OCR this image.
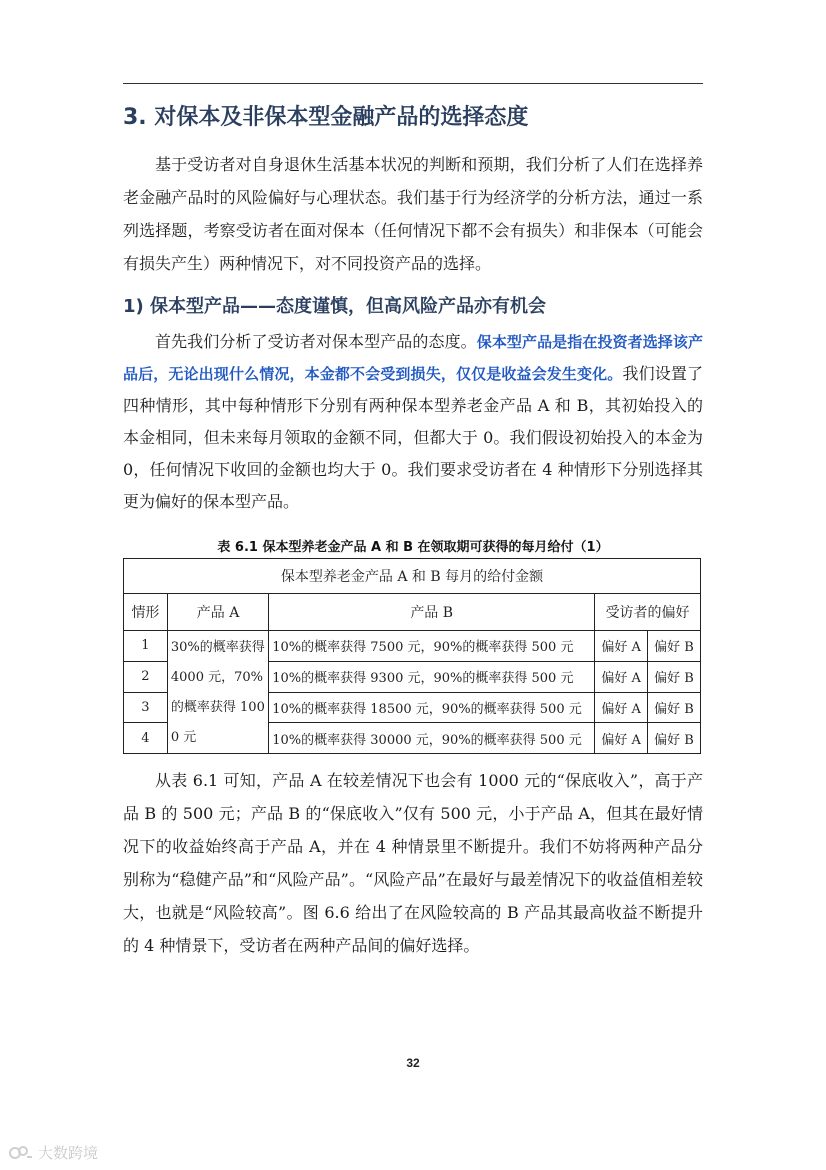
3. 对保本及非保本型金融产品的选择态度

基于受访者对自身退休生活基本状况的判断和预期，我们分析了人们在选择养老金融产品时的风险偏好与心理状态。我们基于行为经济学的分析方法，通过一系列选择题，考察受访者在面对保本（任何情况下都不会有损失）和非保本（可能会有损失产生）两种情况下，对不同投资产品的选择。

1) 保本型产品——态度谨慎，但高风险产品亦有机会

首先我们分析了受访者对保本型产品的态度。保本型产品是指在投资者选择该产品后，无论出现什么情况，本金都不会受到损失，仅仅是收益会发生变化。我们设置了四种情形，其中每种情形下分别有两种保本型养老金产品 A 和 B，其初始投入的本金相同，但未来每月领取的金额不同，但都大于 0。我们假设初始投入的本金为 0，任何情况下收回的金额也均大于 0。我们要求受访者在 4 种情形下分别选择其更为偏好的保本型产品。

表 6.1 保本型养老金产品 A 和 B 在领取期可获得的每月给付（1）
保本型养老金产品 A 和 B 每月的给付金额				
情形	产品 A	产品 B	受访者的偏好	
1	30%的概率获得4000 元，70%的概率获得 1000 元	10%的概率获得 7500 元，90%的概率获得 500 元	偏好 A	偏好 B
2		10%的概率获得 9300 元，90%的概率获得 500 元	偏好 A	偏好 B
3		10%的概率获得 18500 元，90%的概率获得 500 元	偏好 A	偏好 B
4		10%的概率获得 30000 元，90%的概率获得 500 元	偏好 A	偏好 B

从表 6.1 可知，产品 A 在较差情况下也会有 1000 元的“保底收入”，高于产品 B 的 500 元；产品 B 的“保底收入”仅有 500 元，小于产品 A，但其在最好情况下的收益始终高于产品 A，并在 4 种情景里不断提升。我们不妨将两种产品分别称为“稳健产品”和“风险产品”。“风险产品”在最好与最差情况下的收益值相差较大，也就是“风险较高”。图 6.6 给出了在风险较高的 B 产品其最高收益不断提升的 4 种情景下，受访者在两种产品间的偏好选择。

32
大数跨境
